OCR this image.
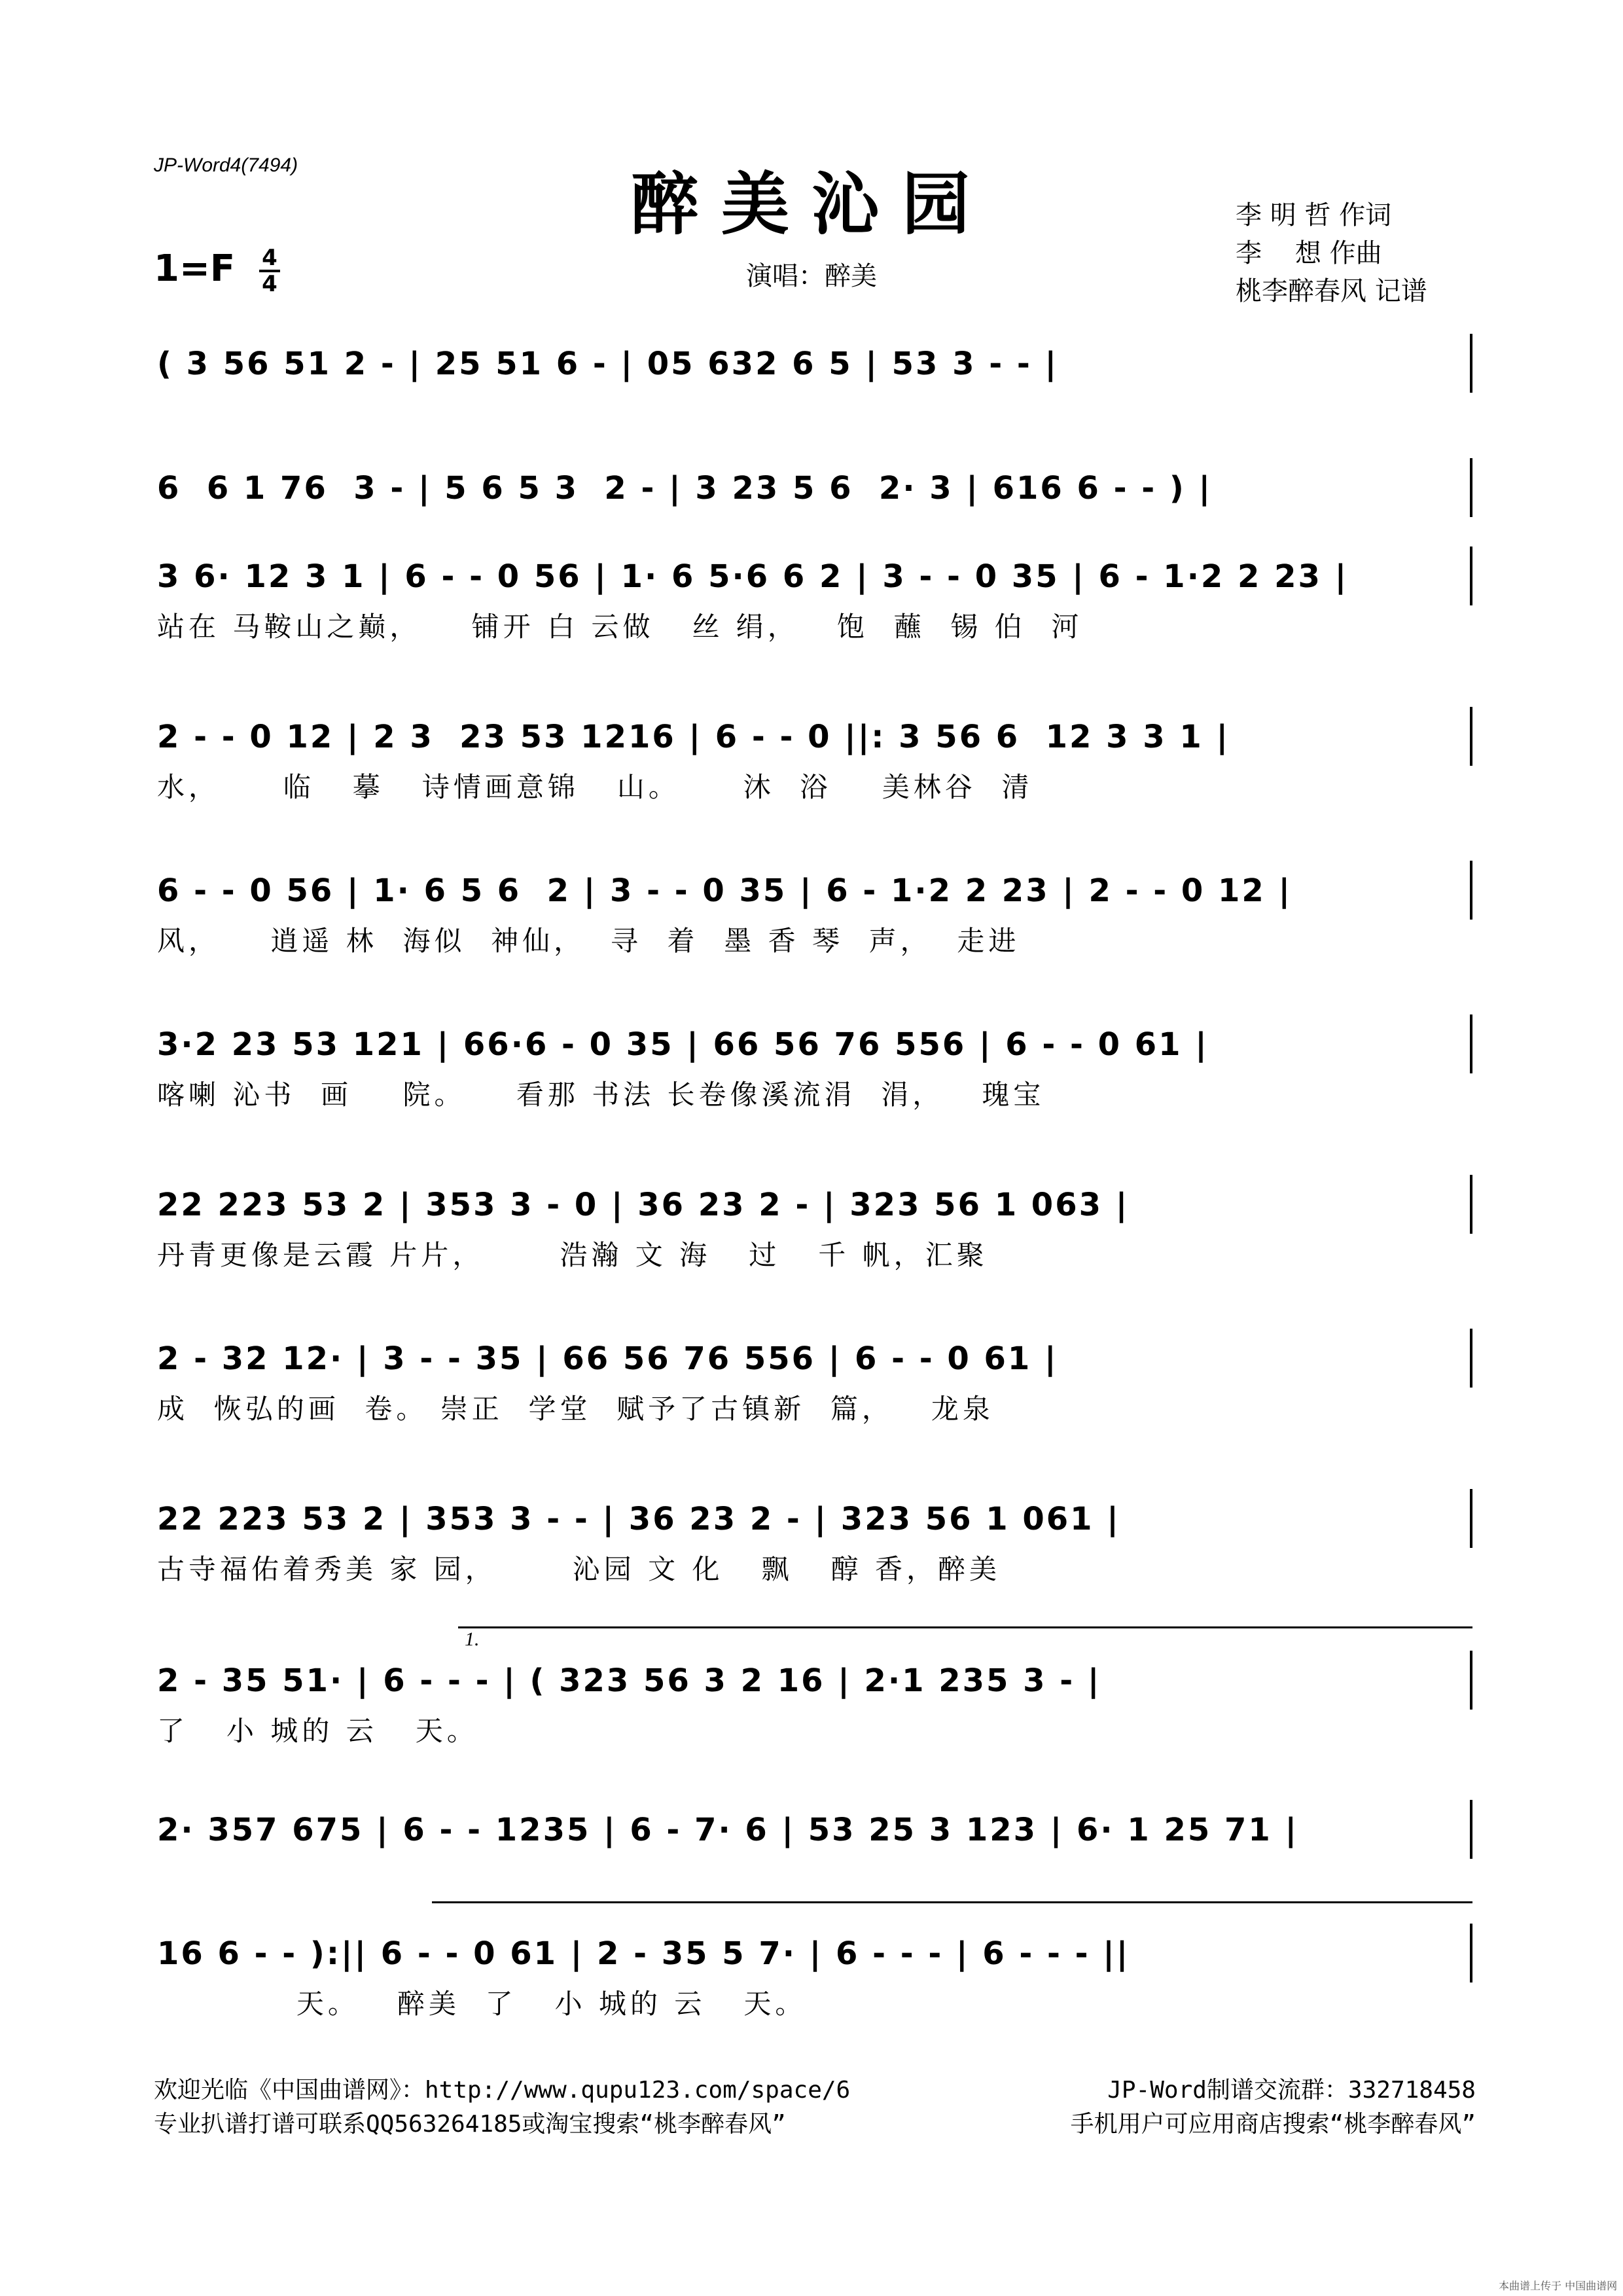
JP-Word4(7494)	醉美沁园	李 明 哲 作词
李    想 作曲
桃李醉春风 记谱
1=F 4
4	演唱：醉美
( 3 56 51 2 - | 25 51 6 - | 05 632 6 5 | 53 3 - - |
6  6 1 76  3 - | 5 6 5 3  2 - | 3 23 5 6  2· 3 | 616 6 - - ) |
3 6· 12 3 1 | 6 - - 0 56 | 1· 6 5·6 6 2 | 3 - - 0 35 | 6 - 1·2 2 23 |
站在 马鞍山之巅，    铺开 白 云做   丝 绢，   饱  蘸  锡 伯  河
2 - - 0 12 | 2 3  23 53 1216 | 6 - - 0 ||: 3 56 6  12 3 3 1 |
水，     临   摹   诗情画意锦   山。     沐  浴    美林谷  清
6 - - 0 56 | 1· 6 5 6  2 | 3 - - 0 35 | 6 - 1·2 2 23 | 2 - - 0 12 |
风，    逍遥 林  海似  神仙，  寻  着  墨 香 琴  声，  走进
3·2 23 53 121 | 66·6 - 0 35 | 66 56 76 556 | 6 - - 0 61 |
喀喇 沁书  画    院。    看那 书法 长卷像溪流涓  涓，   瑰宝
22 223 53 2 | 353 3 - 0 | 36 23 2 - | 323 56 1 063 |
丹青更像是云霞 片片，      浩瀚 文 海   过   千 帆，汇聚
2 - 32 12· | 3 - - 35 | 66 56 76 556 | 6 - - 0 61 |
成  恢弘的画  卷。 崇正  学堂  赋予了古镇新  篇，   龙泉
22 223 53 2 | 353 3 - - | 36 23 2 - | 323 56 1 061 |
古寺福佑着秀美 家 园，      沁园 文 化   飘   醇 香，醉美
1.
2 - 35 51· | 6 - - - | ( 323 56 3 2 16 | 2·1 235 3 - |
了   小 城的 云   天。
2· 357 675 | 6 - - 1235 | 6 - 7· 6 | 53 25 3 123 | 6· 1 25 71 |

16 6 - - ):|| 6 - - 0 61 | 2 - 35 5 7· | 6 - - - | 6 - - - ||
天。   醉美  了   小 城的 云   天。
欢迎光临《中国曲谱网》：http://www.qupu123.com/space/6	JP-Word制谱交流群：332718458
专业扒谱打谱可联系QQ563264185或淘宝搜索“桃李醉春风”	手机用户可应用商店搜索“桃李醉春风”
本曲谱上传于 中国曲谱网
